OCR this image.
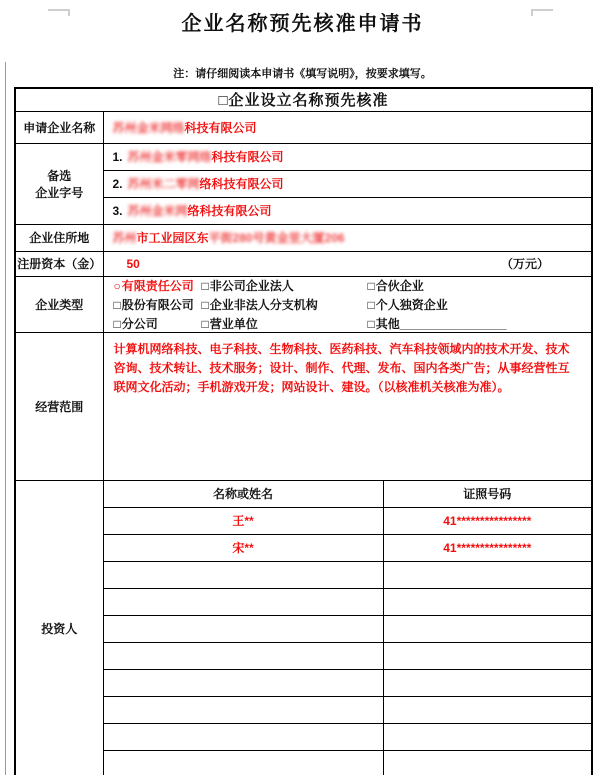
企业名称预先核准申请书
注：请仔细阅读本申请书《填写说明》，按要求填写。
□企业设立名称预先核准		
申请企业名称	苏州金米网络科技有限公司	

备选
企业字号	1. 苏州金米零网络科技有限公司	
	2. 苏州米二零网络科技有限公司	
	3. 苏州金米网络科技有限公司	
企业住所地	苏州市工业园区东平街280号黄金里大厦206	
注册资本（金）	50 （万元）	

企业类型	
○有限责任公司 □非公司企业法人	□合伙企业
□股份有限公司 □企业非法人分支机构	□个人独资企业
□分公司	□营业单位	□其他________________

经营范围	计算机网络科技、电子科技、生物科技、医药科技、汽车科技领域内的技术开发、技术咨询、技术转让、技术服务；设计、制作、代理、发布、国内各类广告；从事经营性互联网文化活动；手机游戏开发；网站设计、建设。（以核准机关核准为准）。	

投资人	名称或姓名	证照号码
	王**	41****************
	宋**	41****************
